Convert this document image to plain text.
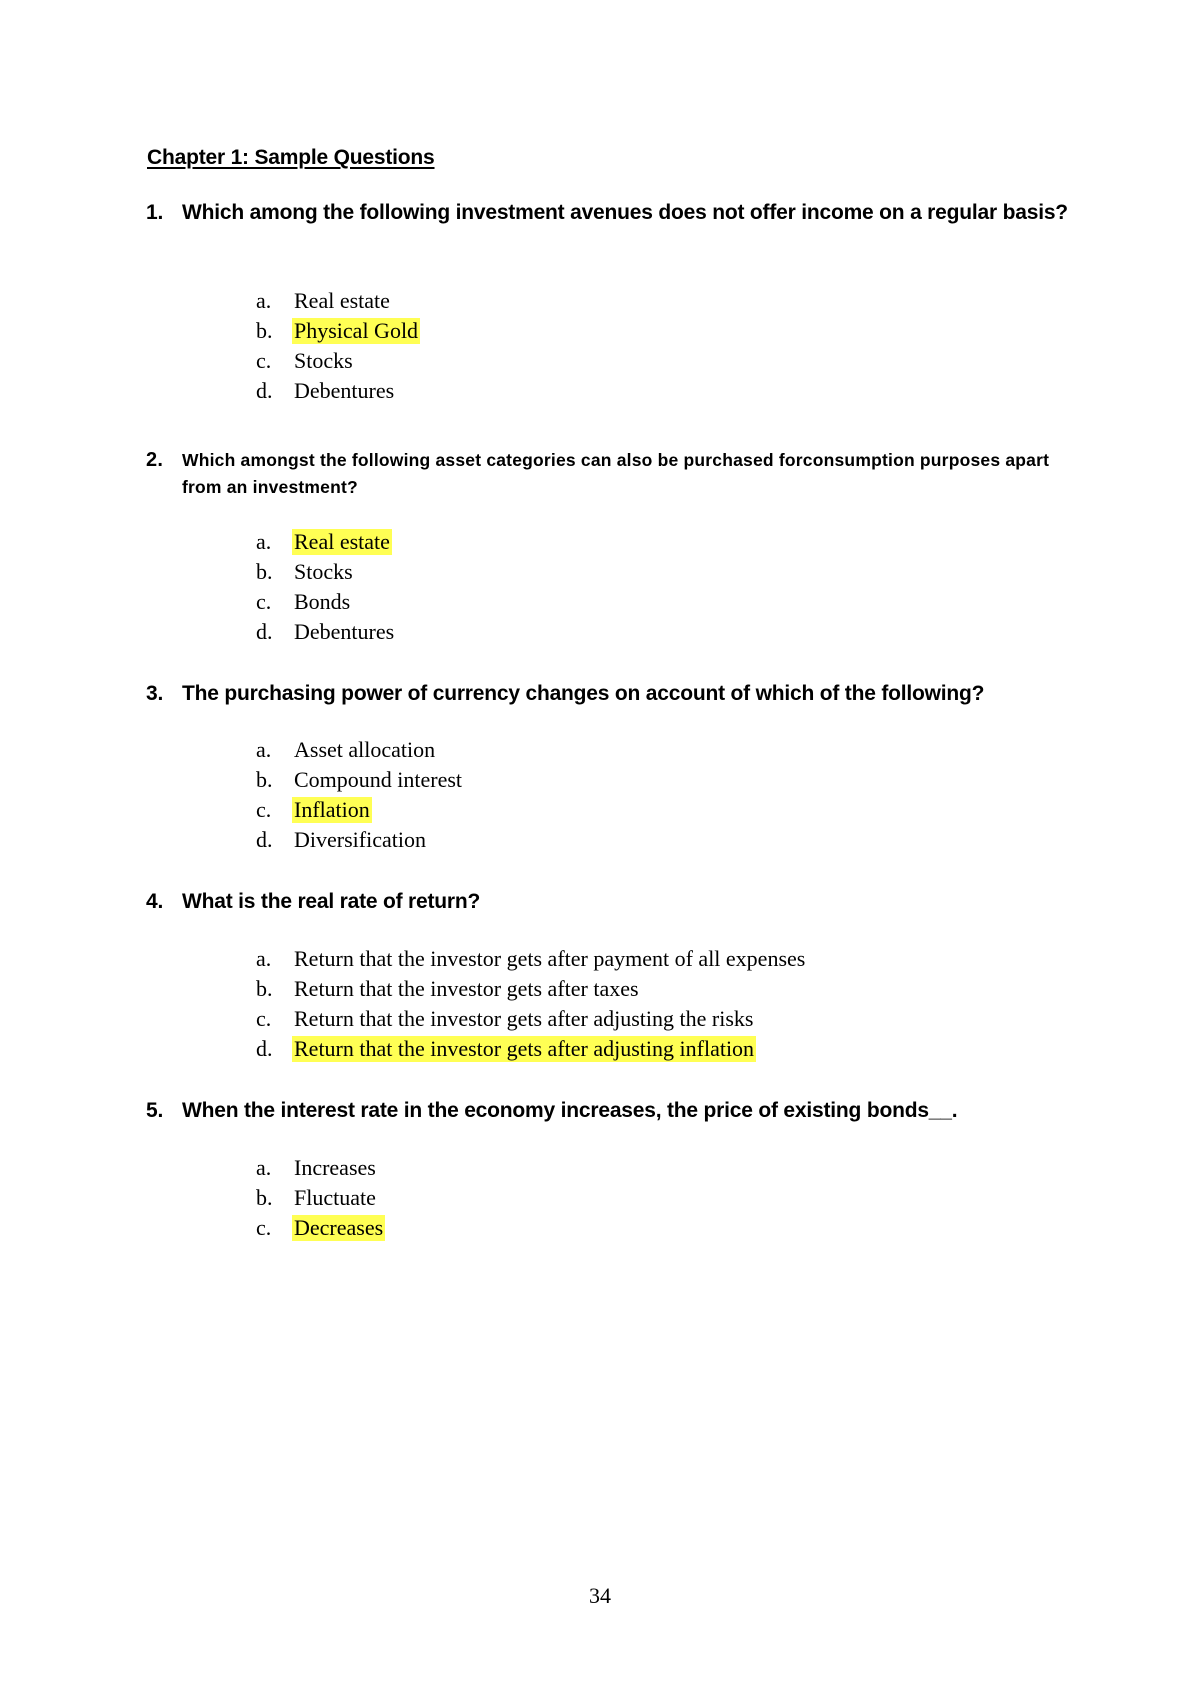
Chapter 1: Sample Questions
1. Which among the following investment avenues does not offer income on a regular basis?
a. Real estate
b. Physical Gold
c. Stocks
d. Debentures
2.	Which amongst the following asset categories can also be purchased forconsumption purposes apart from an investment?
a. Real estate
b. Stocks
c. Bonds
d. Debentures
3. The purchasing power of currency changes on account of which of the following?
a. Asset allocation
b. Compound interest
c. Inflation
d. Diversification
4. What is the real rate of return?
a. Return that the investor gets after payment of all expenses
b. Return that the investor gets after taxes
c. Return that the investor gets after adjusting the risks
d. Return that the investor gets after adjusting inflation
5. When the interest rate in the economy increases, the price of existing bonds__.
a. Increases
b. Fluctuate
c. Decreases
34
